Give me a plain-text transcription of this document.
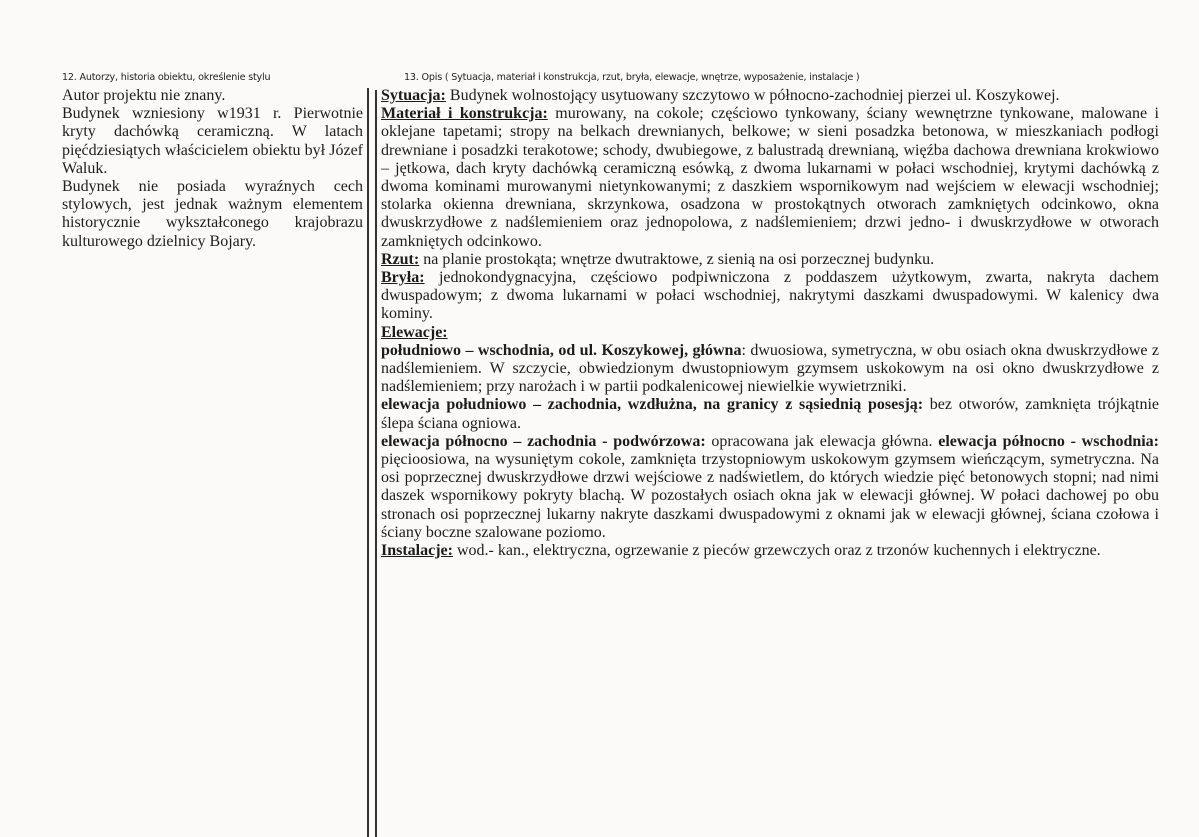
12. Autorzy, historia obiektu, określenie stylu	13. Opis ( Sytuacja, materiał i konstrukcja, rzut, bryła, elewacje, wnętrze, wyposażenie, instalacje )

Autor projektu nie znany.

Budynek wzniesiony w1931 r. Pierwotnie kryty dachówką ceramiczną. W latach pięćdziesiątych właścicielem obiektu był Józef Waluk.

Budynek nie posiada wyraźnych cech stylowych, jest jednak ważnym elementem historycznie wykształconego krajobrazu kulturowego dzielnicy Bojary.

Sytuacja: Budynek wolnostojący usytuowany szczytowo w północno-zachodniej pierzei ul. Koszykowej.

Materiał i konstrukcja: murowany, na cokole; częściowo tynkowany, ściany wewnętrzne tynkowane, malowane i oklejane tapetami; stropy na belkach drewnianych, belkowe; w sieni posadzka betonowa, w mieszkaniach podłogi drewniane i posadzki terakotowe; schody, dwubiegowe, z balustradą drewnianą, więźba dachowa drewniana krokwiowo – jętkowa, dach kryty dachówką ceramiczną esówką, z dwoma lukarnami w połaci wschodniej, krytymi dachówką z dwoma kominami murowanymi nietynkowanymi; z daszkiem wspornikowym nad wejściem w elewacji wschodniej; stolarka okienna drewniana, skrzynkowa, osadzona w prostokątnych otworach zamkniętych odcinkowo, okna dwuskrzydłowe z nadślemieniem oraz jednopolowa, z nadślemieniem; drzwi jedno- i dwuskrzydłowe w otworach zamkniętych odcinkowo.

Rzut: na planie prostokąta; wnętrze dwutraktowe, z sienią na osi porzecznej budynku.

Bryła: jednokondygnacyjna, częściowo podpiwniczona z poddaszem użytkowym, zwarta, nakryta dachem dwuspadowym; z dwoma lukarnami w połaci wschodniej, nakrytymi daszkami dwuspadowymi. W kalenicy dwa kominy.

Elewacje:

południowo – wschodnia, od ul. Koszykowej, główna: dwuosiowa, symetryczna, w obu osiach okna dwuskrzydłowe z nadślemieniem. W szczycie, obwiedzionym dwustopniowym gzymsem uskokowym na osi okno dwuskrzydłowe z nadślemieniem; przy narożach i w partii podkalenicowej niewielkie wywietrzniki.

elewacja południowo – zachodnia, wzdłużna, na granicy z sąsiednią posesją: bez otworów, zamknięta trójkątnie ślepa ściana ogniowa.

elewacja północno – zachodnia - podwórzowa: opracowana jak elewacja główna. elewacja północno - wschodnia: pięcioosiowa, na wysuniętym cokole, zamknięta trzystopniowym uskokowym gzymsem wieńczącym, symetryczna. Na osi poprzecznej dwuskrzydłowe drzwi wejściowe z nadświetlem, do których wiedzie pięć betonowych stopni; nad nimi daszek wspornikowy pokryty blachą. W pozostałych osiach okna jak w elewacji głównej. W połaci dachowej po obu stronach osi poprzecznej lukarny nakryte daszkami dwuspadowymi z oknami jak w elewacji głównej, ściana czołowa i ściany boczne szalowane poziomo.

Instalacje: wod.- kan., elektryczna, ogrzewanie z pieców grzewczych oraz z trzonów kuchennych i elektryczne.
